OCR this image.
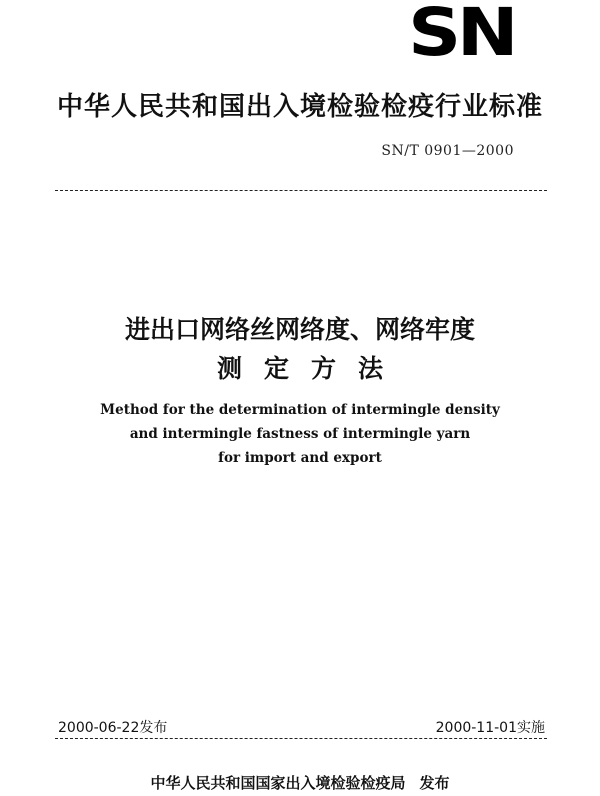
SN
中华人民共和国出入境检验检疫行业标准
SN/T 0901—2000
进出口网络丝网络度、网络牢度
测定方法
Method for the determination of intermingle density
and intermingle fastness of intermingle yarn
for import and export
2000-06-22发布	2000-11-01实施
中华人民共和国国家出入境检验检疫局 发布
